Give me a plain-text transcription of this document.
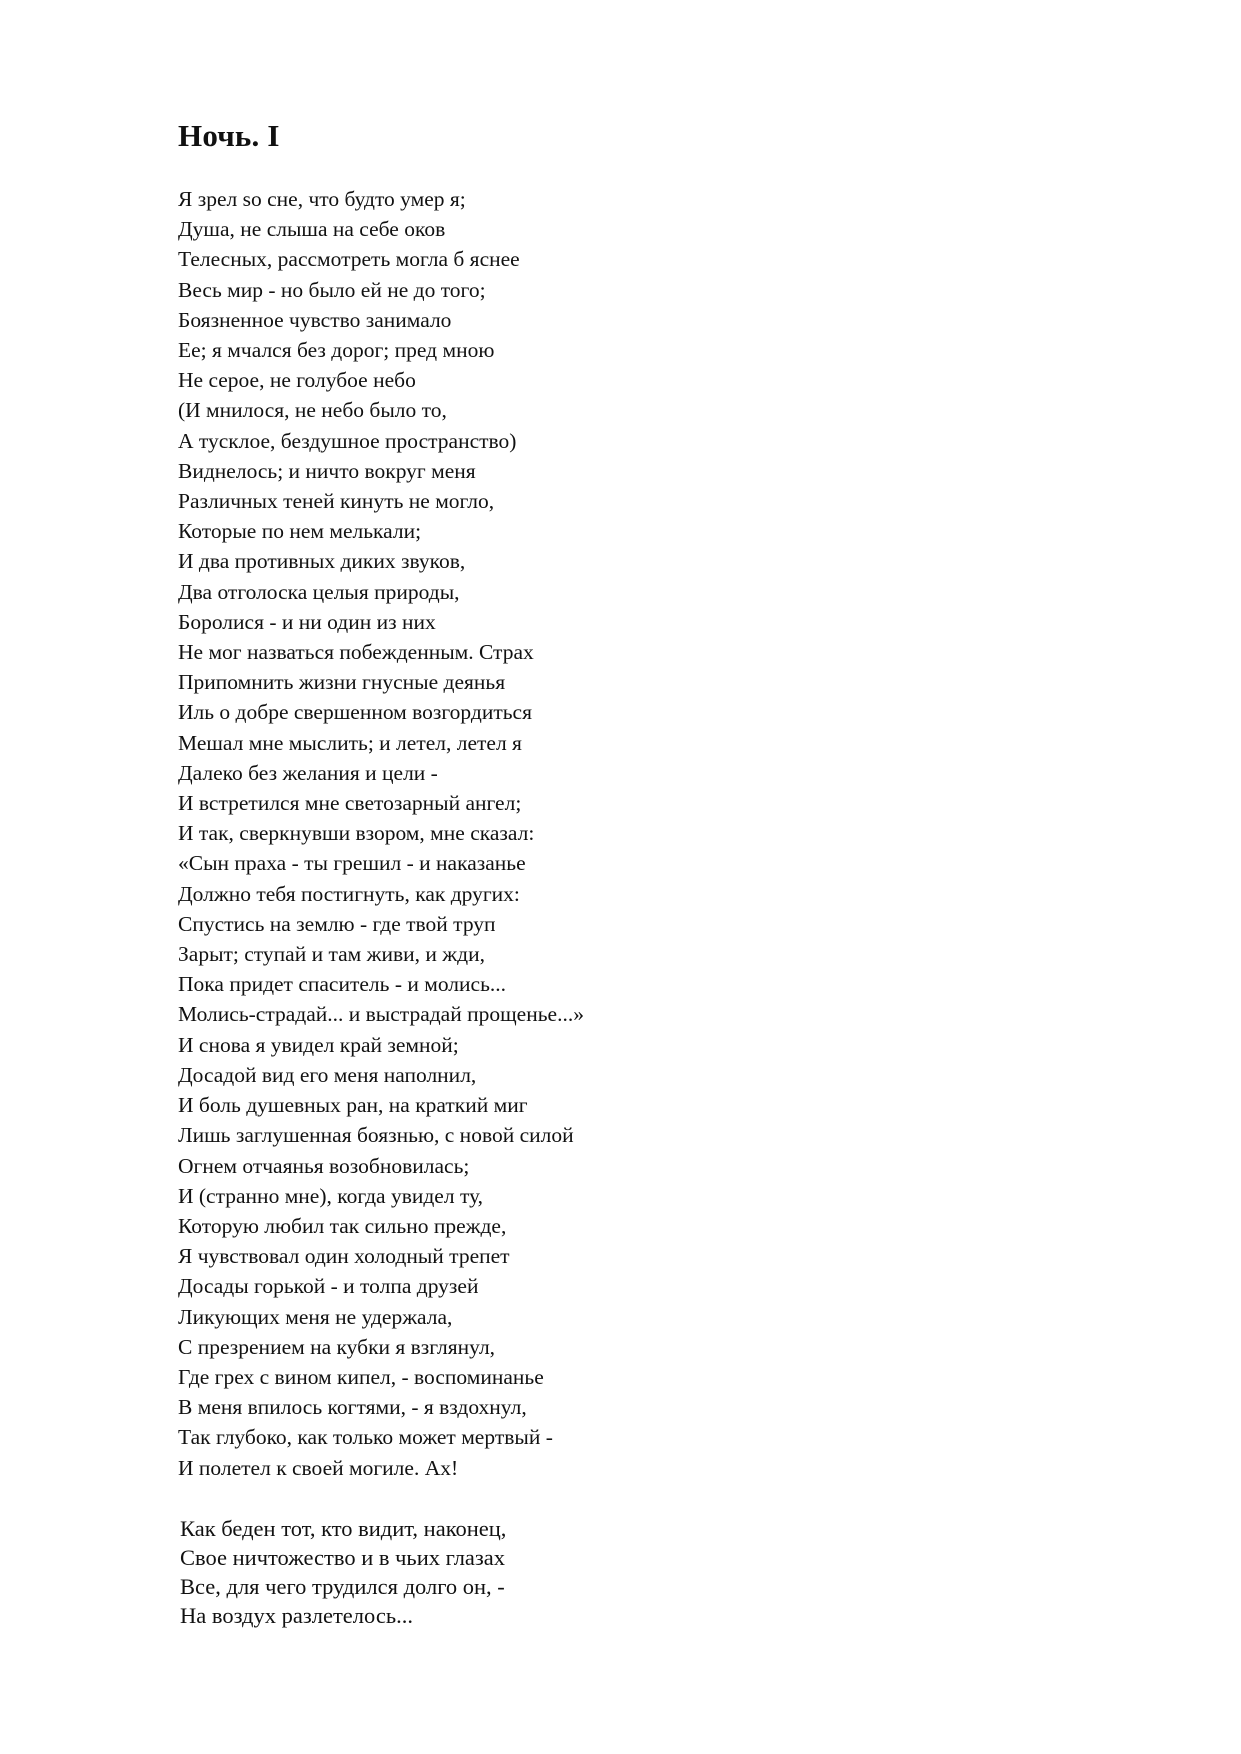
Ночь. I
Я зрел so сне, что будто умер я;
Душа, не слыша на себе оков
Телесных, рассмотреть могла б яснее
Весь мир - но было ей не до того;
Боязненное чувство занимало
Ее; я мчался без дорог; пред мною
Не серое, не голубое небо
(И мнилося, не небо было то,
А тусклое, бездушное пространство)
Виднелось; и ничто вокруг меня
Различных теней кинуть не могло,
Которые по нем мелькали;
И два противных диких звуков,
Два отголоска целыя природы,
Боролися - и ни один из них
Не мог назваться побежденным. Страх
Припомнить жизни гнусные деянья
Иль о добре свершенном возгордиться
Мешал мне мыслить; и летел, летел я
Далеко без желания и цели -
И встретился мне светозарный ангел;
И так, сверкнувши взором, мне сказал:
«Сын праха - ты грешил - и наказанье
Должно тебя постигнуть, как других:
Спустись на землю - где твой труп
Зарыт; ступай и там живи, и жди,
Пока придет спаситель - и молись...
Молись-страдай... и выстрадай прощенье...»
И снова я увидел край земной;
Досадой вид его меня наполнил,
И боль душевных ран, на краткий миг
Лишь заглушенная боязнью, с новой силой
Огнем отчаянья возобновилась;
И (странно мне), когда увидел ту,
Которую любил так сильно прежде,
Я чувствовал один холодный трепет
Досады горькой - и толпа друзей
Ликующих меня не удержала,
С презрением на кубки я взглянул,
Где грех с вином кипел, - воспоминанье
В меня впилось когтями, - я вздохнул,
Так глубоко, как только может мертвый -
И полетел к своей могиле. Ах!
Как беден тот, кто видит, наконец,
Свое ничтожество и в чьих глазах
Все, для чего трудился долго он, -
На воздух разлетелось...
